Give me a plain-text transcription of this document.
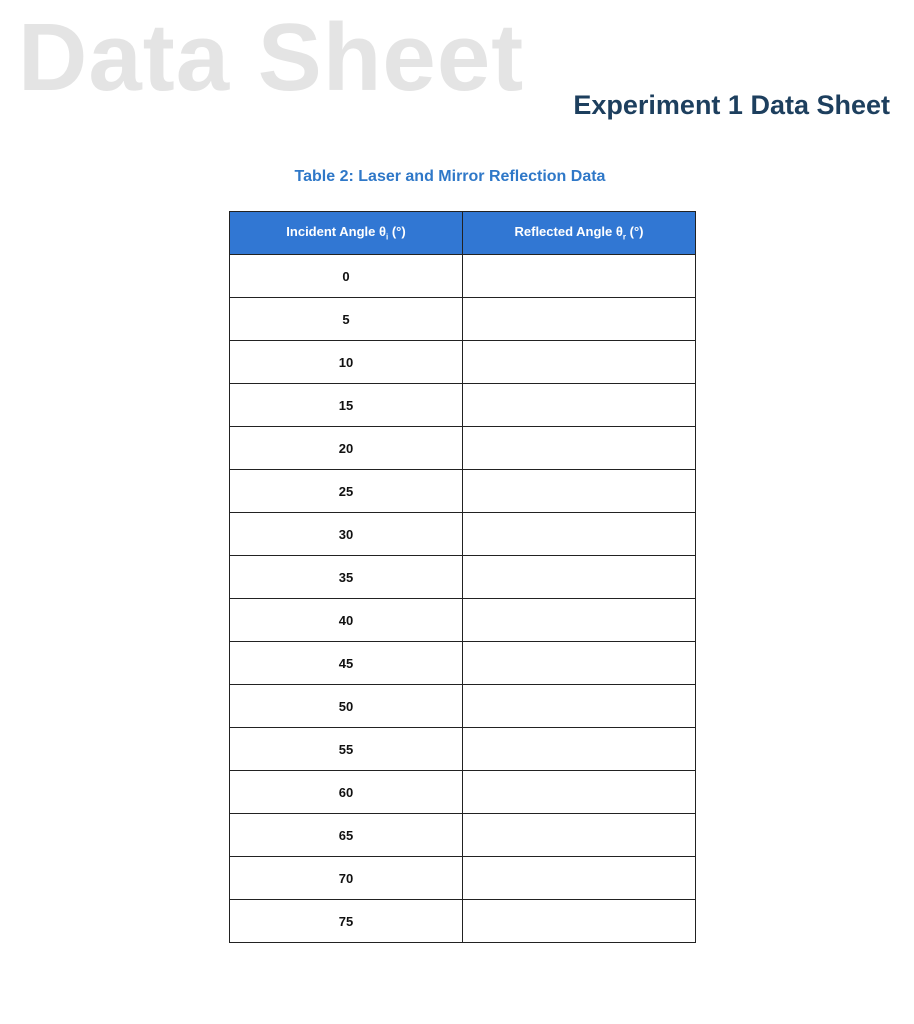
Data Sheet Experiment 1 Data Sheet
Table 2: Laser and Mirror Reflection Data
Incident Angle $\theta_i$ (°)	Reflected Angle $\theta_r$ (°)
0	
5	
10	
15	
20	
25	
30	
35	
40	
45	
50	
55	
60	
65	
70	
75	
